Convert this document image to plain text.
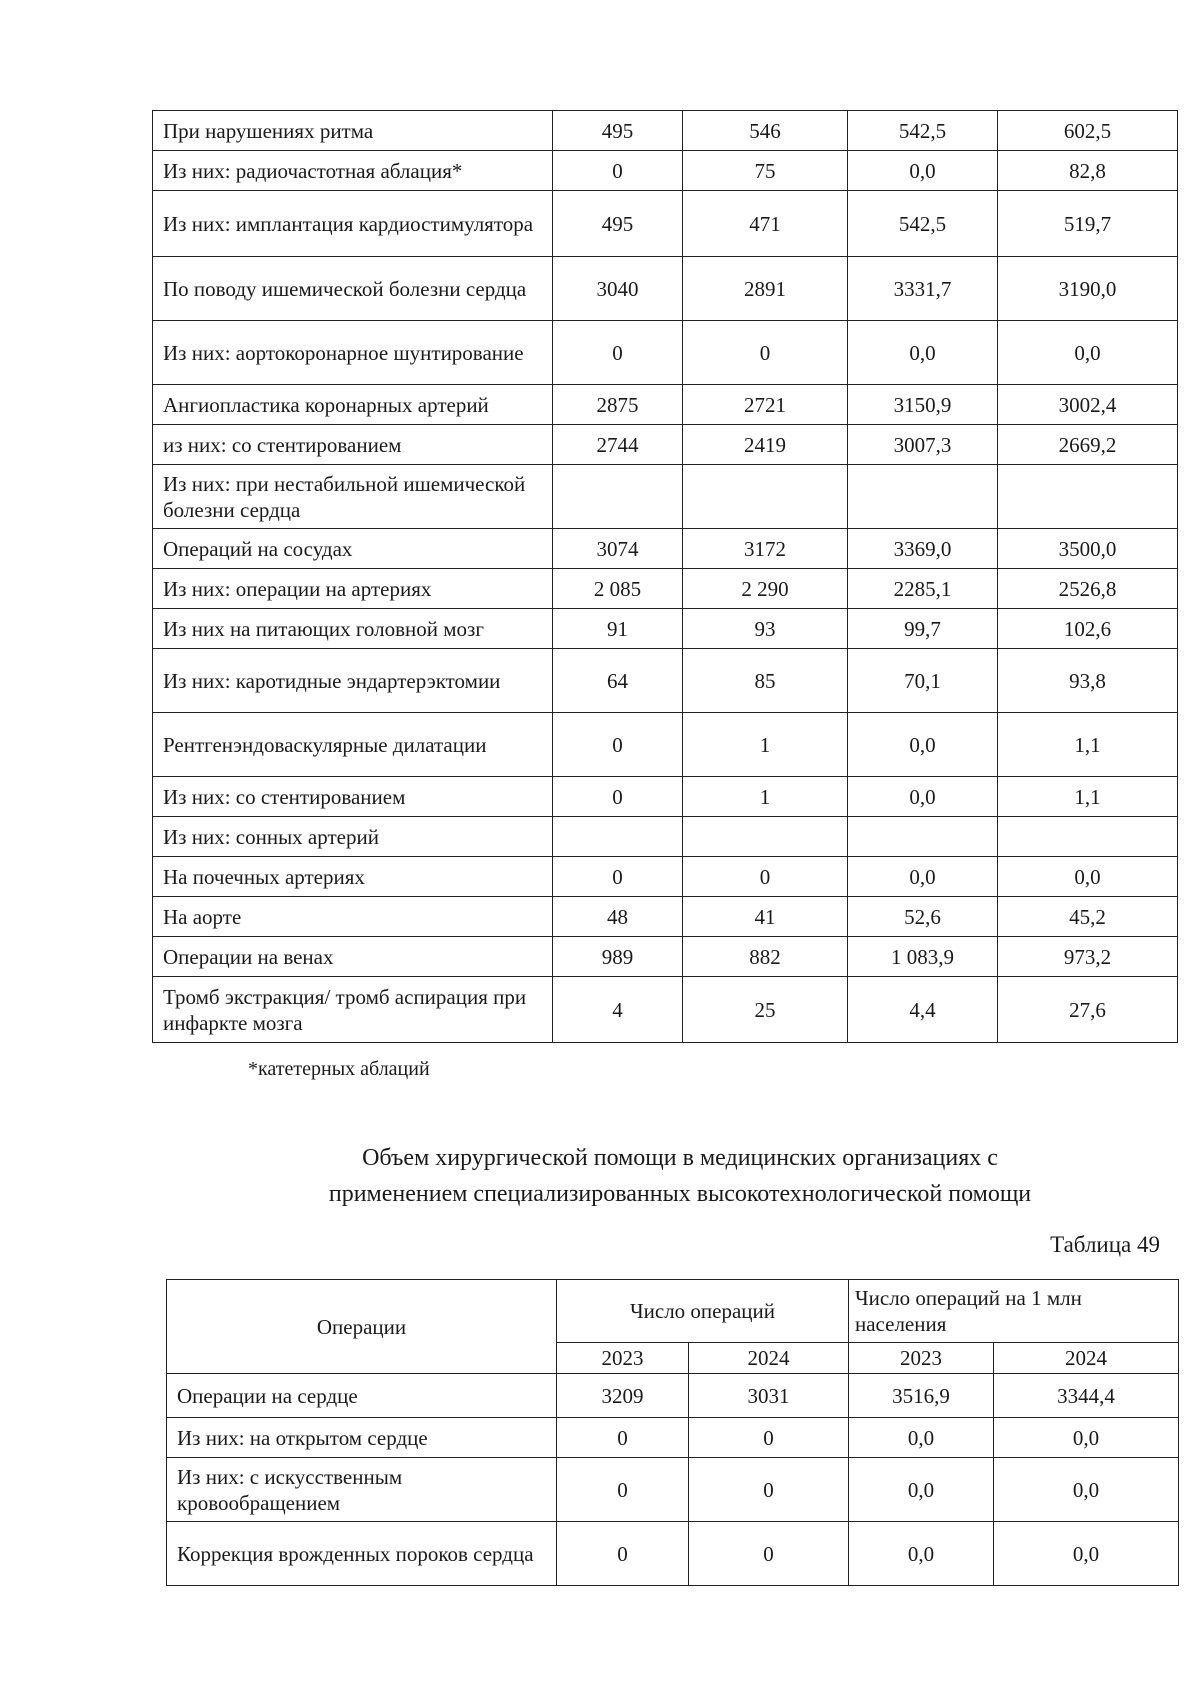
При нарушениях ритма	495	546	542,5	602,5
Из них: радиочастотная аблация*	0	75	0,0	82,8
Из них: имплантация кардиостимулятора	495	471	542,5	519,7
По поводу ишемической болезни сердца	3040	2891	3331,7	3190,0
Из них: аортокоронарное шунтирование	0	0	0,0	0,0
Ангиопластика коронарных артерий	2875	2721	3150,9	3002,4
из них: со стентированием	2744	2419	3007,3	2669,2
Из них: при нестабильной ишемической болезни сердца				
Операций на сосудах	3074	3172	3369,0	3500,0
Из них: операции на артериях	2 085	2 290	2285,1	2526,8
Из них на питающих головной мозг	91	93	99,7	102,6
Из них: каротидные эндартерэктомии	64	85	70,1	93,8
Рентгенэндоваскулярные дилатации	0	1	0,0	1,1
Из них: со стентированием	0	1	0,0	1,1
Из них: сонных артерий				
На почечных артериях	0	0	0,0	0,0
На аорте	48	41	52,6	45,2
Операции на венах	989	882	1 083,9	973,2
Тромб экстракция/ тромб аспирация при инфаркте мозга	4	25	4,4	27,6
*катетерных аблаций
Объем хирургической помощи в медицинских организациях с
применением специализированных высокотехнологической помощи
Таблица 49
Операции	Число операций		Число операций на 1 млн населения	
	2023	2024	2023	2024
Операции на сердце	3209	3031	3516,9	3344,4
Из них: на открытом сердце	0	0	0,0	0,0
Из них: с искусственным кровообращением	0	0	0,0	0,0
Коррекция врожденных пороков сердца	0	0	0,0	0,0
